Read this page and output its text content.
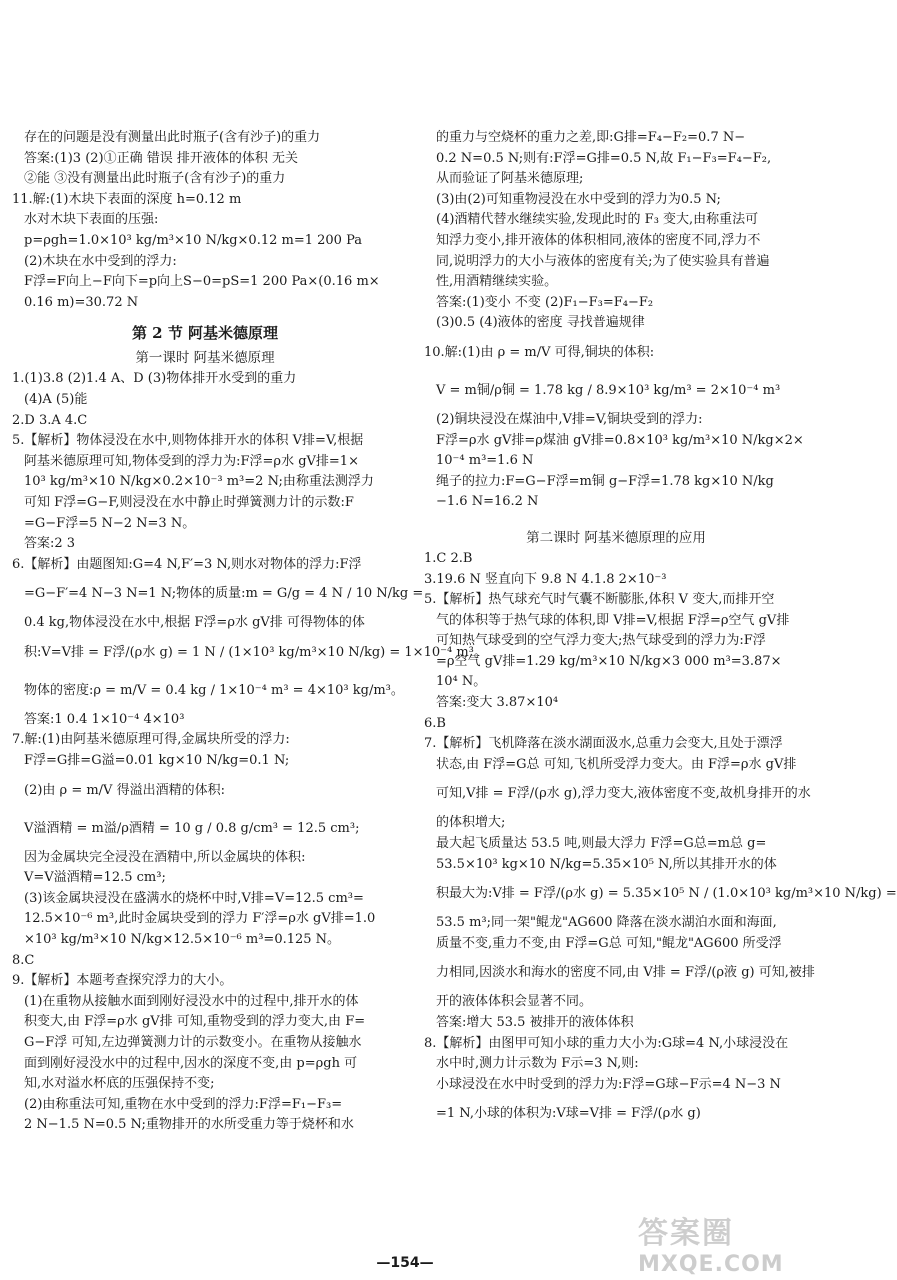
存在的问题是没有测量出此时瓶子(含有沙子)的重力
答案:(1)3 (2)①正确 错误 排开液体的体积 无关
②能 ③没有测量出此时瓶子(含有沙子)的重力
11.解:(1)木块下表面的深度 h=0.12 m
水对木块下表面的压强:
p=ρgh=1.0×10³ kg/m³×10 N/kg×0.12 m=1 200 Pa
(2)木块在水中受到的浮力:
F浮=F向上−F向下=p向上S−0=pS=1 200 Pa×(0.16 m×
0.16 m)=30.72 N
第 2 节 阿基米德原理
第一课时 阿基米德原理
1.(1)3.8 (2)1.4 A、D (3)物体排开水受到的重力
(4)A (5)能
2.D 3.A 4.C
5.【解析】物体浸没在水中,则物体排开水的体积 V排=V,根据
阿基米德原理可知,物体受到的浮力为:F浮=ρ水 gV排=1×
10³ kg/m³×10 N/kg×0.2×10⁻³ m³=2 N;由称重法测浮力
可知 F浮=G−F,则浸没在水中静止时弹簧测力计的示数:F
=G−F浮=5 N−2 N=3 N。
答案:2 3
6.【解析】由题图知:G=4 N,F′=3 N,则水对物体的浮力:F浮
=G−F′=4 N−3 N=1 N;物体的质量:m = G/g = 4 N / 10 N/kg =
0.4 kg,物体浸没在水中,根据 F浮=ρ水 gV排 可得物体的体
积:V=V排 = F浮/(ρ水 g) = 1 N / (1×10³ kg/m³×10 N/kg) = 1×10⁻⁴ m³。
物体的密度:ρ = m/V = 0.4 kg / 1×10⁻⁴ m³ = 4×10³ kg/m³。
答案:1 0.4 1×10⁻⁴ 4×10³
7.解:(1)由阿基米德原理可得,金属块所受的浮力:
F浮=G排=G溢=0.01 kg×10 N/kg=0.1 N;
(2)由 ρ = m/V 得溢出酒精的体积:
V溢酒精 = m溢/ρ酒精 = 10 g / 0.8 g/cm³ = 12.5 cm³;
因为金属块完全浸没在酒精中,所以金属块的体积:
V=V溢酒精=12.5 cm³;
(3)该金属块浸没在盛满水的烧杯中时,V排=V=12.5 cm³=
12.5×10⁻⁶ m³,此时金属块受到的浮力 F′浮=ρ水 gV排=1.0
×10³ kg/m³×10 N/kg×12.5×10⁻⁶ m³=0.125 N。
8.C
9.【解析】本题考查探究浮力的大小。
(1)在重物从接触水面到刚好浸没水中的过程中,排开水的体
积变大,由 F浮=ρ水 gV排 可知,重物受到的浮力变大,由 F=
G−F浮 可知,左边弹簧测力计的示数变小。在重物从接触水
面到刚好浸没水中的过程中,因水的深度不变,由 p=ρgh 可
知,水对溢水杯底的压强保持不变;
(2)由称重法可知,重物在水中受到的浮力:F浮=F₁−F₃=
2 N−1.5 N=0.5 N;重物排开的水所受重力等于烧杯和水
的重力与空烧杯的重力之差,即:G排=F₄−F₂=0.7 N−
0.2 N=0.5 N;则有:F浮=G排=0.5 N,故 F₁−F₃=F₄−F₂,
从而验证了阿基米德原理;
(3)由(2)可知重物浸没在水中受到的浮力为0.5 N;
(4)酒精代替水继续实验,发现此时的 F₃ 变大,由称重法可
知浮力变小,排开液体的体积相同,液体的密度不同,浮力不
同,说明浮力的大小与液体的密度有关;为了使实验具有普遍
性,用酒精继续实验。
答案:(1)变小 不变 (2)F₁−F₃=F₄−F₂
(3)0.5 (4)液体的密度 寻找普遍规律
10.解:(1)由 ρ = m/V 可得,铜块的体积:
V = m铜/ρ铜 = 1.78 kg / 8.9×10³ kg/m³ = 2×10⁻⁴ m³
(2)铜块浸没在煤油中,V排=V,铜块受到的浮力:
F浮=ρ水 gV排=ρ煤油 gV排=0.8×10³ kg/m³×10 N/kg×2×
10⁻⁴ m³=1.6 N
绳子的拉力:F=G−F浮=m铜 g−F浮=1.78 kg×10 N/kg
−1.6 N=16.2 N
第二课时 阿基米德原理的应用
1.C 2.B
3.19.6 N 竖直向下 9.8 N 4.1.8 2×10⁻³
5.【解析】热气球充气时气囊不断膨胀,体积 V 变大,而排开空
气的体积等于热气球的体积,即 V排=V,根据 F浮=ρ空气 gV排
可知热气球受到的空气浮力变大;热气球受到的浮力为:F浮
=ρ空气 gV排=1.29 kg/m³×10 N/kg×3 000 m³=3.87×
10⁴ N。
答案:变大 3.87×10⁴
6.B
7.【解析】飞机降落在淡水湖面汲水,总重力会变大,且处于漂浮
状态,由 F浮=G总 可知,飞机所受浮力变大。由 F浮=ρ水 gV排
可知,V排 = F浮/(ρ水 g),浮力变大,液体密度不变,故机身排开的水
的体积增大;
最大起飞质量达 53.5 吨,则最大浮力 F浮=G总=m总 g=
53.5×10³ kg×10 N/kg=5.35×10⁵ N,所以其排开水的体
积最大为:V排 = F浮/(ρ水 g) = 5.35×10⁵ N / (1.0×10³ kg/m³×10 N/kg) =
53.5 m³;同一架"鲲龙"AG600 降落在淡水湖泊水面和海面,
质量不变,重力不变,由 F浮=G总 可知,"鲲龙"AG600 所受浮
力相同,因淡水和海水的密度不同,由 V排 = F浮/(ρ液 g) 可知,被排
开的液体体积会显著不同。
答案:增大 53.5 被排开的液体体积
8.【解析】由图甲可知小球的重力大小为:G球=4 N,小球浸没在
水中时,测力计示数为 F示=3 N,则:
小球浸没在水中时受到的浮力为:F浮=G球−F示=4 N−3 N
=1 N,小球的体积为:V球=V排 = F浮/(ρ水 g)
—154—
答案圈
MXQE.COM
